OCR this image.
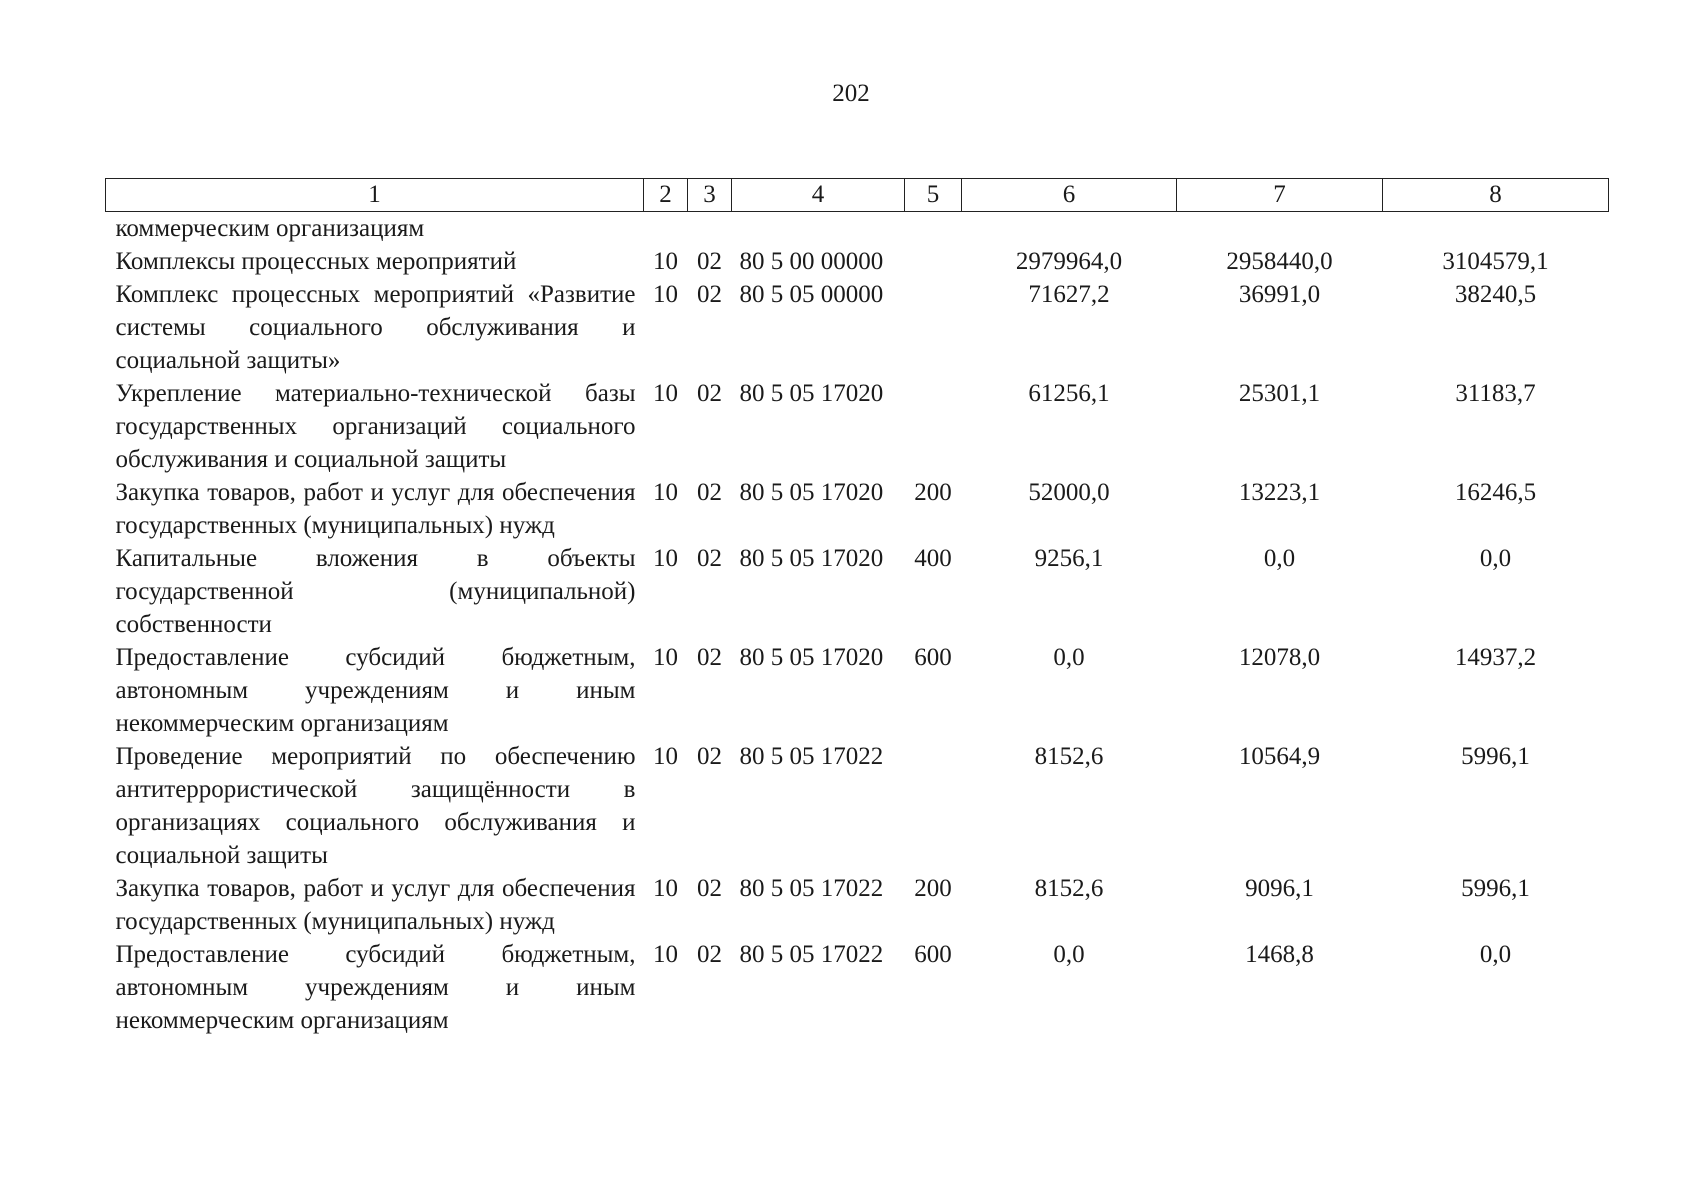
202
1	2	3	4	5	6	7	8
коммерческим организациям							
Комплексы процессных мероприятий	10	02	80 5 00 00000		2979964,0	2958440,0	3104579,1
Комплекс процессных мероприятий «Развитие системы социального обслуживания и социальной защиты»	10	02	80 5 05 00000		71627,2	36991,0	38240,5
Укрепление материально-технической базы государственных организаций социального обслуживания и социальной защиты	10	02	80 5 05 17020		61256,1	25301,1	31183,7
Закупка товаров, работ и услуг для обеспечения государственных (муниципальных) нужд	10	02	80 5 05 17020	200	52000,0	13223,1	16246,5
Капитальные вложения в объекты государственной (муниципальной) собственности	10	02	80 5 05 17020	400	9256,1	0,0	0,0
Предоставление субсидий бюджетным, автономным учреждениям и иным некоммерческим организациям	10	02	80 5 05 17020	600	0,0	12078,0	14937,2
Проведение мероприятий по обеспечению антитеррористической защищённости в организациях социального обслуживания и социальной защиты	10	02	80 5 05 17022		8152,6	10564,9	5996,1
Закупка товаров, работ и услуг для обеспечения государственных (муниципальных) нужд	10	02	80 5 05 17022	200	8152,6	9096,1	5996,1
Предоставление субсидий бюджетным, автономным учреждениям и иным некоммерческим организациям	10	02	80 5 05 17022	600	0,0	1468,8	0,0
